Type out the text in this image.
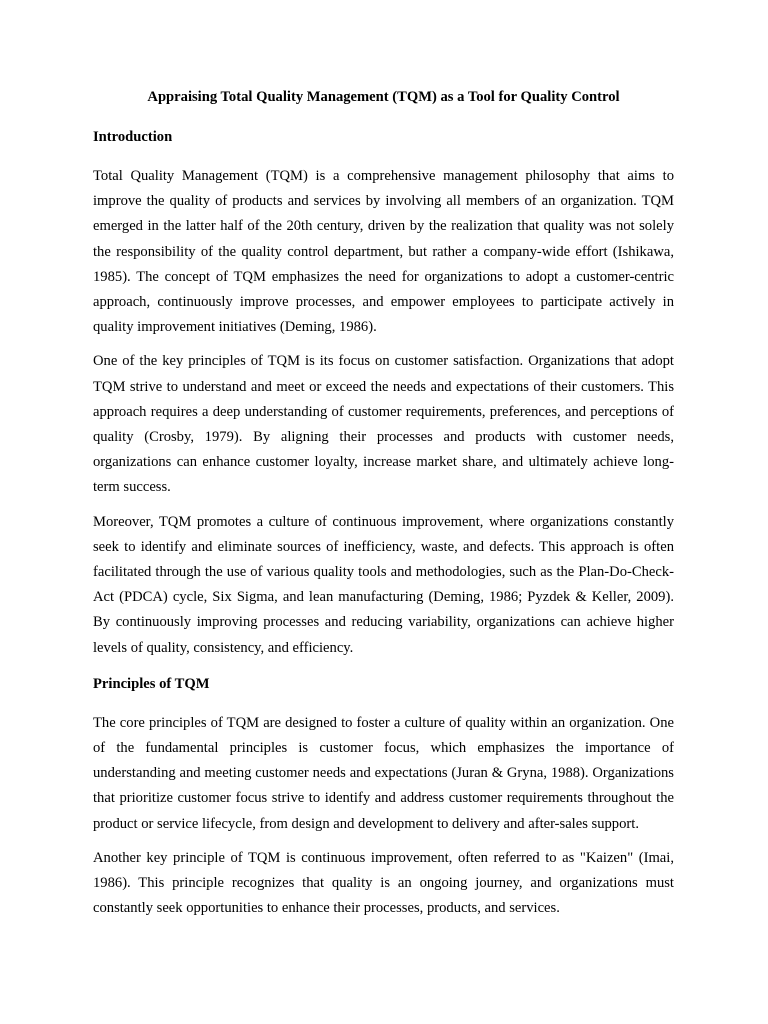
Appraising Total Quality Management (TQM) as a Tool for Quality Control
Introduction

Total Quality Management (TQM) is a comprehensive management philosophy that aims to improve the quality of products and services by involving all members of an organization. TQM emerged in the latter half of the 20th century, driven by the realization that quality was not solely the responsibility of the quality control department, but rather a company-wide effort (Ishikawa, 1985). The concept of TQM emphasizes the need for organizations to adopt a customer-centric approach, continuously improve processes, and empower employees to participate actively in quality improvement initiatives (Deming, 1986).

One of the key principles of TQM is its focus on customer satisfaction. Organizations that adopt TQM strive to understand and meet or exceed the needs and expectations of their customers. This approach requires a deep understanding of customer requirements, preferences, and perceptions of quality (Crosby, 1979). By aligning their processes and products with customer needs, organizations can enhance customer loyalty, increase market share, and ultimately achieve long-term success.

Moreover, TQM promotes a culture of continuous improvement, where organizations constantly seek to identify and eliminate sources of inefficiency, waste, and defects. This approach is often facilitated through the use of various quality tools and methodologies, such as the Plan-Do-Check-Act (PDCA) cycle, Six Sigma, and lean manufacturing (Deming, 1986; Pyzdek & Keller, 2009). By continuously improving processes and reducing variability, organizations can achieve higher levels of quality, consistency, and efficiency.

Principles of TQM

The core principles of TQM are designed to foster a culture of quality within an organization. One of the fundamental principles is customer focus, which emphasizes the importance of understanding and meeting customer needs and expectations (Juran & Gryna, 1988). Organizations that prioritize customer focus strive to identify and address customer requirements throughout the product or service lifecycle, from design and development to delivery and after-sales support.

Another key principle of TQM is continuous improvement, often referred to as "Kaizen" (Imai, 1986). This principle recognizes that quality is an ongoing journey, and organizations must constantly seek opportunities to enhance their processes, products, and services.
